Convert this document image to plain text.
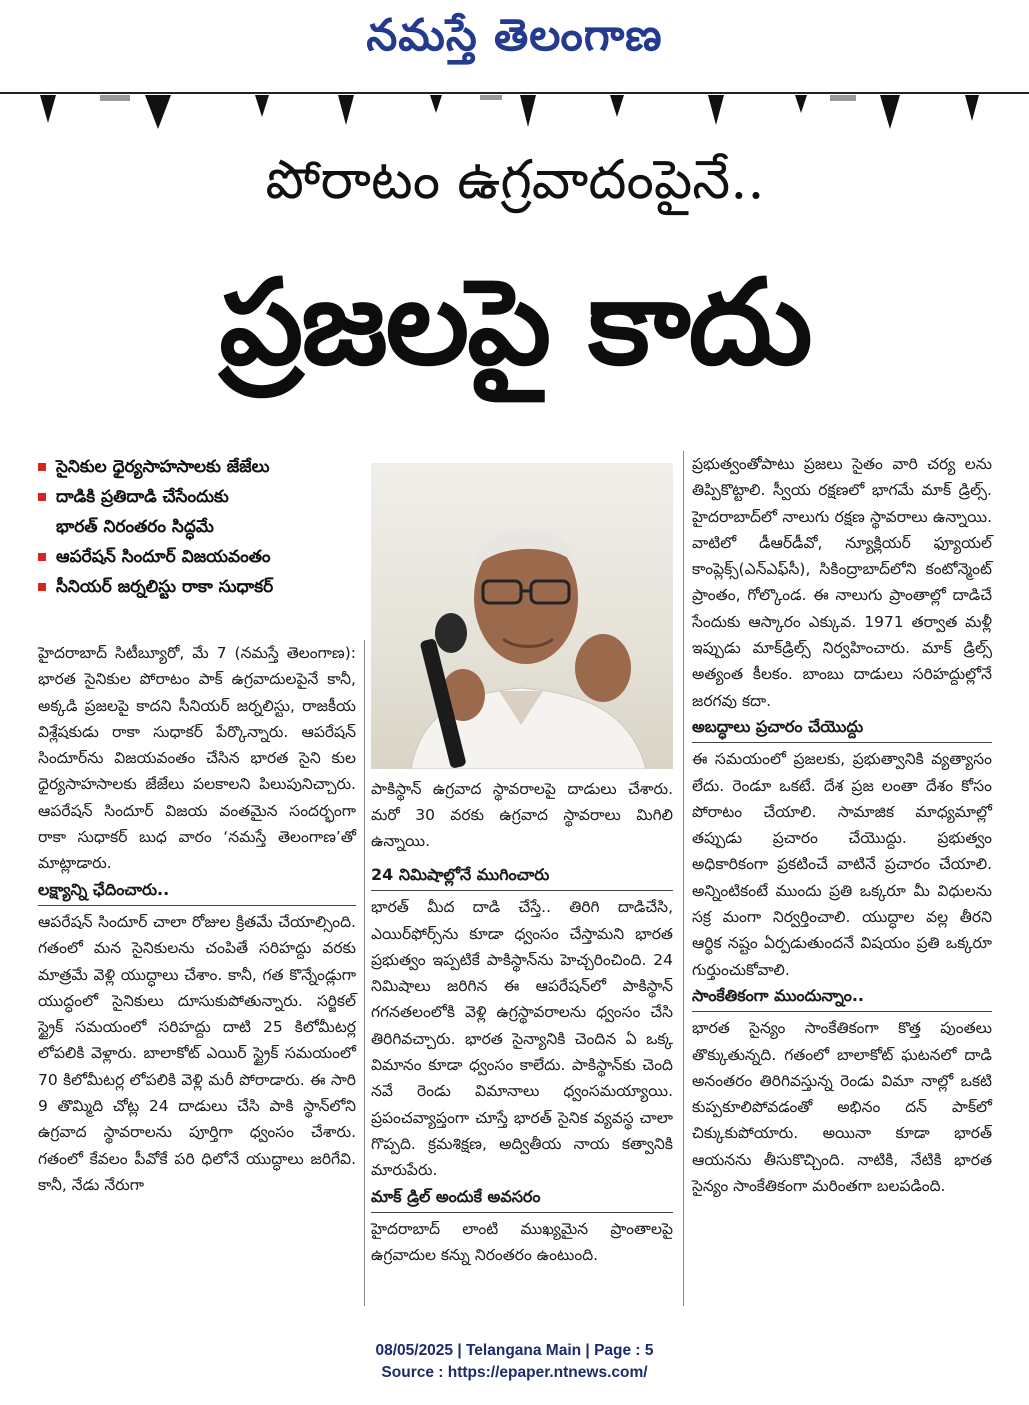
నమస్తే తెలంగాణ
పోరాటం ఉగ్రవాదంపైనే..
ప్రజలపై కాదు
సైనికుల ధైర్యసాహసాలకు జేజేలు
దాడికి ప్రతిదాడి చేసేందుకు
భారత్ నిరంతరం సిద్ధమే
ఆపరేషన్ సిందూర్ విజయవంతం
సీనియర్ జర్నలిస్టు రాకా సుధాకర్
పాకిస్థాన్ ఉగ్రవాద స్థావరాలపై దాడులు చేశారు. మరో 30 వరకు ఉగ్రవాద స్థావరాలు మిగిలి ఉన్నాయి.

హైదరాబాద్ సిటీబ్యూరో, మే 7 (నమస్తే తెలంగాణ): భారత సైనికుల పోరాటం పాక్ ఉగ్రవాదులపైనే కానీ, అక్కడి ప్రజలపై కాదని సీనియర్ జర్నలిస్టు, రాజకీయ విశ్లేషకుడు రాకా సుధాకర్ పేర్కొన్నారు. ఆపరేషన్ సిందూర్‌ను విజయవంతం చేసిన భారత సైని కుల ధైర్యసాహసాలకు జేజేలు పలకాలని పిలుపునిచ్చారు. ఆపరేషన్ సిందూర్ విజయ వంతమైన సందర్భంగా రాకా సుధాకర్ బుధ వారం ‘నమస్తే తెలంగాణ’తో మాట్లాడారు.

లక్ష్యాన్ని ఛేదించారు..

ఆపరేషన్ సిందూర్ చాలా రోజుల క్రితమే చేయాల్సింది. గతంలో మన సైనికులను చంపితే సరిహద్దు వరకు మాత్రమే వెళ్లి యుద్ధాలు చేశాం. కానీ, గత కొన్నేండ్లుగా యుద్ధంలో సైనికులు దూసుకుపోతున్నారు. సర్జికల్ స్ట్రైక్ సమయంలో సరిహద్దు దాటి 25 కిలోమీటర్ల లోపలికి వెళ్లారు. బాలాకోట్ ఎయిర్ స్ట్రైక్ సమయంలో 70 కిలోమీటర్ల లోపలికి వెళ్లి మరీ పోరాడారు. ఈ సారి 9 తొమ్మిది చోట్ల 24 దాడులు చేసి పాకి స్థాన్‌లోని ఉగ్రవాద స్థావరాలను పూర్తిగా ధ్వంసం చేశారు. గతంలో కేవలం పీవోకే పరి ధిలోనే యుద్ధాలు జరిగేవి. కానీ, నేడు నేరుగా

24 నిమిషాల్లోనే ముగించారు

భారత్ మీద దాడి చేస్తే.. తిరిగి దాడిచేసి, ఎయిర్‌ఫోర్స్‌ను కూడా ధ్వంసం చేస్తామని భారత ప్రభుత్వం ఇప్పటికే పాకిస్థాన్‌ను హెచ్చరించింది. 24 నిమిషాలు జరిగిన ఈ ఆపరేషన్‌లో పాకిస్థాన్ గగనతలంలోకి వెళ్లి ఉగ్రస్థావరాలను ధ్వంసం చేసి తిరిగివచ్చారు. భారత సైన్యానికి చెందిన ఏ ఒక్క విమానం కూడా ధ్వంసం కాలేదు. పాకిస్థాన్‌కు చెంది నవే రెండు విమానాలు ధ్వంసమయ్యాయి. ప్రపంచవ్యాప్తంగా చూస్తే భారత్ సైనిక వ్యవస్థ చాలా గొప్పది. క్రమశిక్షణ, అద్వితీయ నాయ కత్వానికి మారుపేరు.

మాక్ డ్రిల్ అందుకే అవసరం

హైదరాబాద్ లాంటి ముఖ్యమైన ప్రాంతాలపై ఉగ్రవాదుల కన్ను నిరంతరం ఉంటుంది.

ప్రభుత్వంతోపాటు ప్రజలు సైతం వారి చర్య లను తిప్పికొట్టాలి. స్వీయ రక్షణలో భాగమే మాక్ డ్రిల్స్. హైదరాబాద్‌లో నాలుగు రక్షణ స్థావరాలు ఉన్నాయి. వాటిలో డీఆర్‌డీవో, న్యూక్లియర్ ఫ్యూయల్ కాంప్లెక్స్(ఎన్‌ఎఫ్‌సీ), సికింద్రాబాద్‌లోని కంటోన్మెంట్ ప్రాంతం, గోల్కొండ. ఈ నాలుగు ప్రాంతాల్లో దాడిచే సేందుకు ఆస్కారం ఎక్కువ. 1971 తర్వాత మళ్లీ ఇప్పుడు మాక్‌డ్రిల్స్ నిర్వహించారు. మాక్ డ్రిల్స్ అత్యంత కీలకం. బాంబు దాడులు సరిహద్దుల్లోనే జరగవు కదా.

అబద్ధాలు ప్రచారం చేయొద్దు

ఈ సమయంలో ప్రజలకు, ప్రభుత్వానికి వ్యత్యాసం లేదు. రెండూ ఒకటే. దేశ ప్రజ లంతా దేశం కోసం పోరాటం చేయాలి. సామాజిక మాధ్యమాల్లో తప్పుడు ప్రచారం చేయొద్దు. ప్రభుత్వం అధికారికంగా ప్రకటించే వాటినే ప్రచారం చేయాలి. అన్నింటికంటే ముందు ప్రతి ఒక్కరూ మీ విధులను సక్ర మంగా నిర్వర్తించాలి. యుద్ధాల వల్ల తీరని ఆర్థిక నష్టం ఏర్పడుతుందనే విషయం ప్రతి ఒక్కరూ గుర్తుంచుకోవాలి.

సాంకేతికంగా ముందున్నాం..

భారత సైన్యం సాంకేతికంగా కొత్త పుంతలు తొక్కుతున్నది. గతంలో బాలాకోట్ ఘటనలో దాడి అనంతరం తిరిగివస్తున్న రెండు విమా నాల్లో ఒకటి కుప్పకూలిపోవడంతో అభినం దన్ పాక్‌లో చిక్కుకుపోయారు. అయినా కూడా భారత్ ఆయనను తీసుకొచ్చింది. నాటికి, నేటికి భారత సైన్యం సాంకేతికంగా మరింతగా బలపడింది.

08/05/2025 | Telangana Main | Page : 5
Source : https://epaper.ntnews.com/
